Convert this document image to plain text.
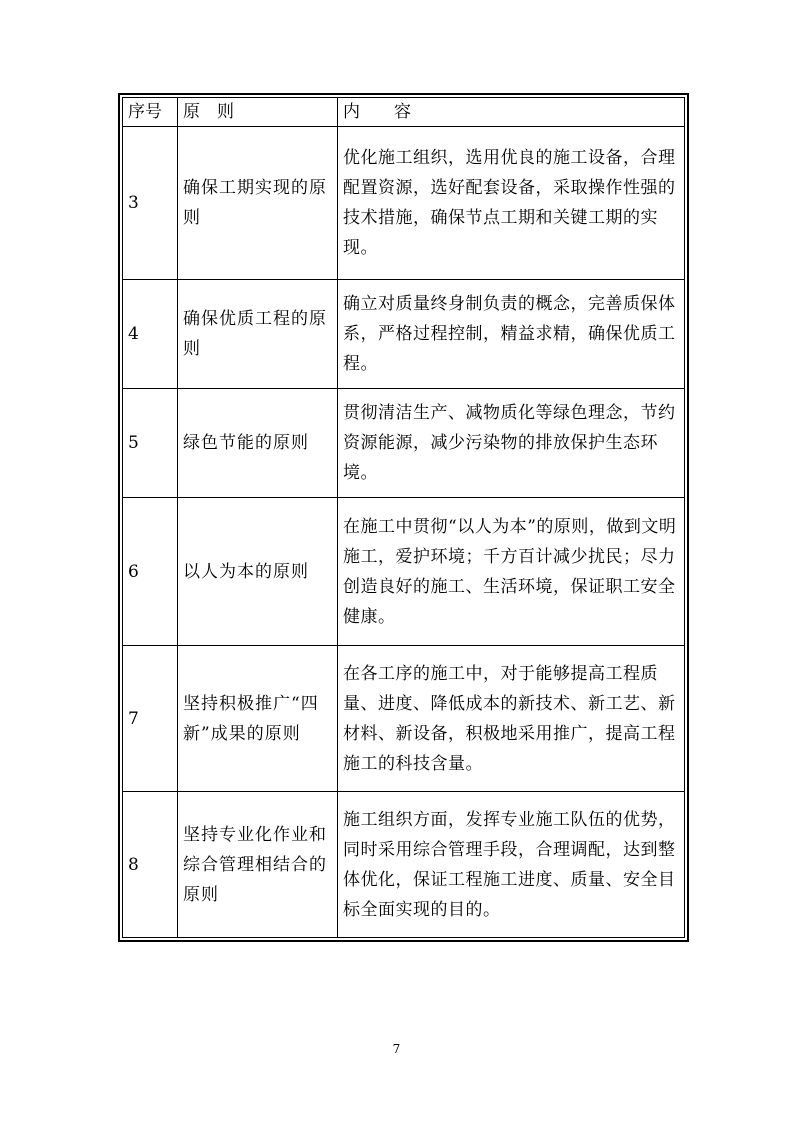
序号	原　则	内　　容
3	确保工期实现的原则	优化施工组织，选用优良的施工设备，合理配置资源，选好配套设备，采取操作性强的技术措施，确保节点工期和关键工期的实现。
4	确保优质工程的原则	确立对质量终身制负责的概念，完善质保体系，严格过程控制，精益求精，确保优质工程。
5	绿色节能的原则	贯彻清洁生产、减物质化等绿色理念，节约资源能源，减少污染物的排放保护生态环境。
6	以人为本的原则	在施工中贯彻“以人为本”的原则，做到文明施工，爱护环境；千方百计减少扰民；尽力创造良好的施工、生活环境，保证职工安全健康。
7	坚持积极推广“四新”成果的原则	在各工序的施工中，对于能够提高工程质量、进度、降低成本的新技术、新工艺、新材料、新设备，积极地采用推广，提高工程施工的科技含量。
8	坚持专业化作业和综合管理相结合的原则	施工组织方面，发挥专业施工队伍的优势，同时采用综合管理手段，合理调配，达到整体优化，保证工程施工进度、质量、安全目标全面实现的目的。
7
